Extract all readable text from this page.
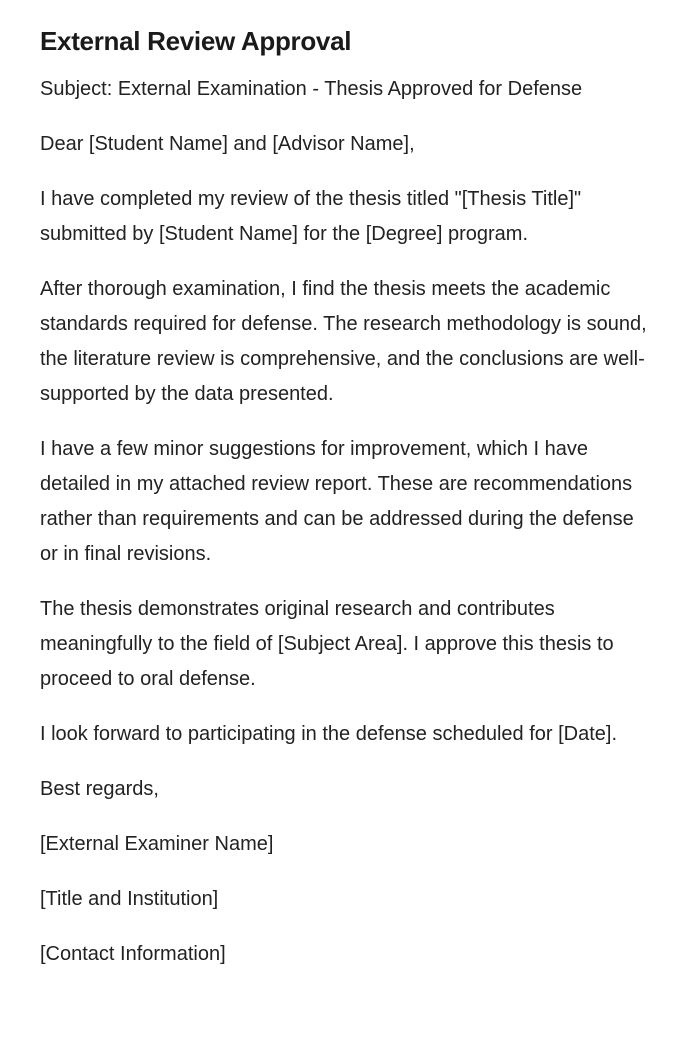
External Review Approval

Subject: External Examination - Thesis Approved for Defense

Dear [Student Name] and [Advisor Name],

I have completed my review of the thesis titled "[Thesis Title]" submitted by [Student Name] for the [Degree] program.

After thorough examination, I find the thesis meets the academic standards required for defense. The research methodology is sound, the literature review is comprehensive, and the conclusions are well-supported by the data presented.

I have a few minor suggestions for improvement, which I have detailed in my attached review report. These are recommendations rather than requirements and can be addressed during the defense or in final revisions.

The thesis demonstrates original research and contributes meaningfully to the field of [Subject Area]. I approve this thesis to proceed to oral defense.

I look forward to participating in the defense scheduled for [Date].

Best regards,

[External Examiner Name]

[Title and Institution]

[Contact Information]
